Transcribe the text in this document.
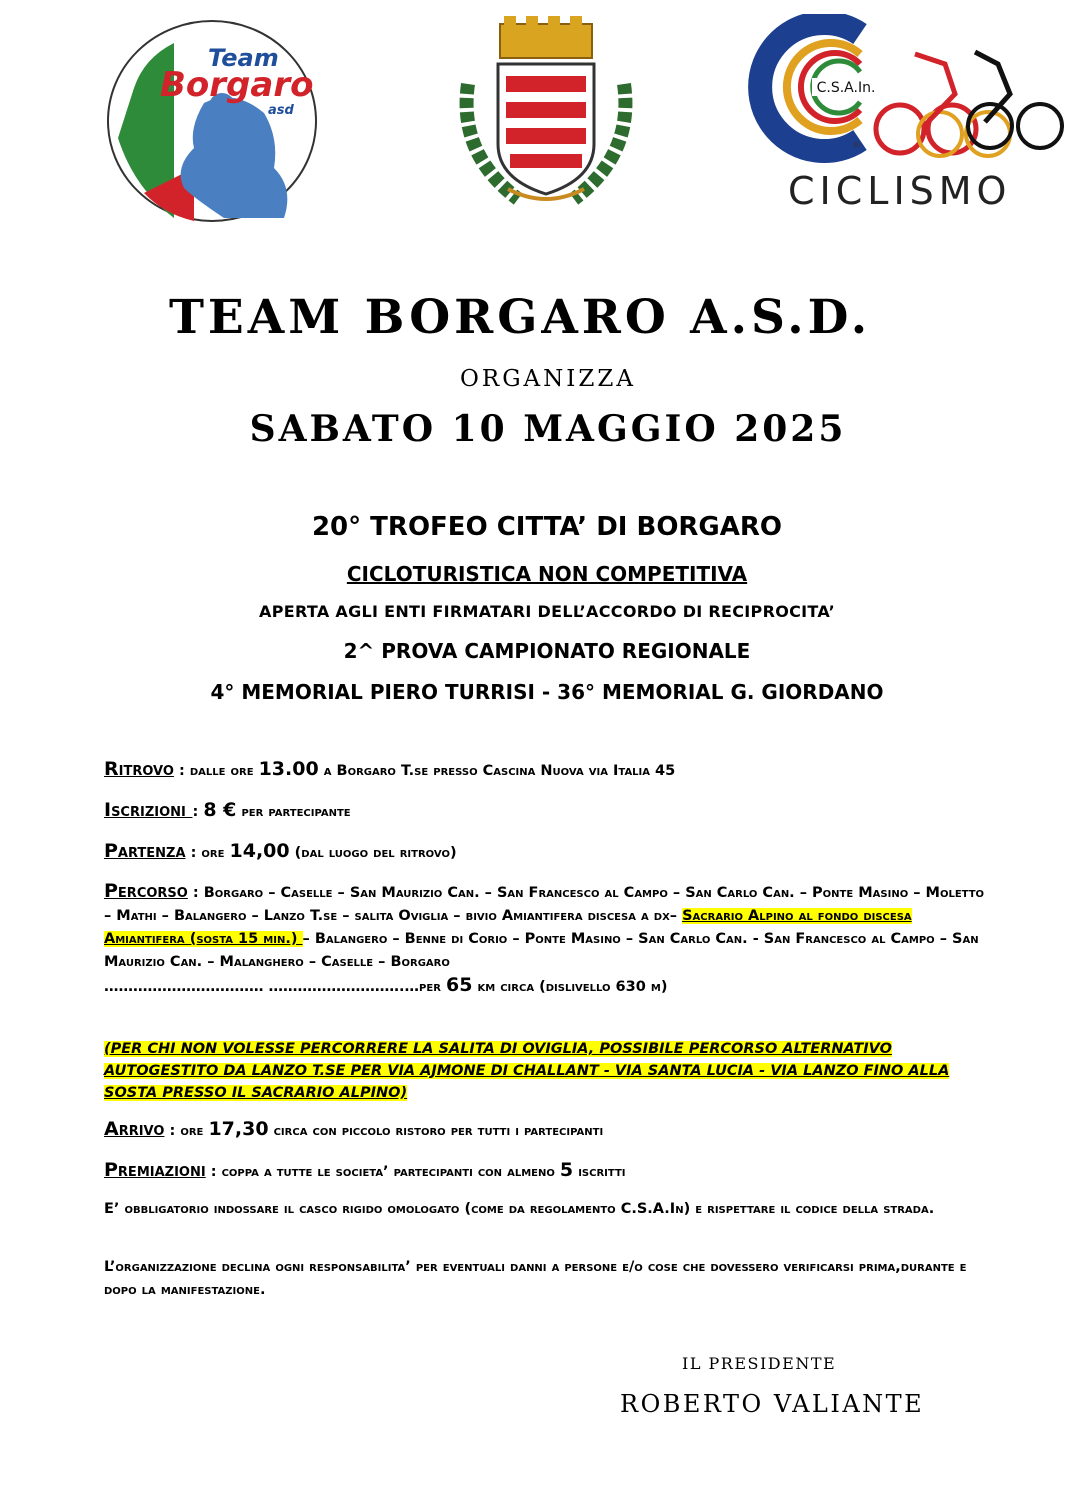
Team
Borgaro
asd
C.S.A.In.
®
CICLISMO
TEAM BORGARO A.S.D.
ORGANIZZA
SABATO 10 MAGGIO 2025
20° TROFEO CITTA’ DI BORGARO
CICLOTURISTICA NON COMPETITIVA
APERTA AGLI ENTI FIRMATARI DELL’ACCORDO DI RECIPROCITA’
2^ PROVA CAMPIONATO REGIONALE
4° MEMORIAL PIERO TURRISI - 36° MEMORIAL G. GIORDANO
Ritrovo : dalle ore 13.00 a Borgaro T.se presso Cascina Nuova via Italia 45
Iscrizioni : 8 € per partecipante
Partenza : ore 14,00 (dal luogo del ritrovo)
Percorso : Borgaro – Caselle – San Maurizio Can. – San Francesco al Campo – San Carlo Can. – Ponte Masino – Moletto – Mathi – Balangero – Lanzo T.se – salita Oviglia – bivio Amiantifera discesa a dx– Sacrario Alpino al fondo discesa Amiantifera (sosta 15 min.) – Balangero – Benne di Corio – Ponte Masino – San Carlo Can. - San Francesco al Campo – San Maurizio Can. – Malanghero – Caselle – Borgaro
…………………………… ……………………….…per 65 km circa (dislivello 630 m)
(PER CHI NON VOLESSE PERCORRERE LA SALITA DI OVIGLIA, POSSIBILE PERCORSO ALTERNATIVO AUTOGESTITO DA LANZO T.SE PER VIA AJMONE DI CHALLANT - VIA SANTA LUCIA - VIA LANZO FINO ALLA SOSTA PRESSO IL SACRARIO ALPINO)
Arrivo : ore 17,30 circa con piccolo ristoro per tutti i partecipanti
Premiazioni : coppa a tutte le societa’ partecipanti con almeno 5 iscritti
E’ obbligatorio indossare il casco rigido omologato (come da regolamento C.S.A.In) e rispettare il codice della strada.
L’organizzazione declina ogni responsabilita’ per eventuali danni a persone e/o cose che dovessero verificarsi prima,durante e dopo la manifestazione.
IL PRESIDENTE
ROBERTO VALIANTE
